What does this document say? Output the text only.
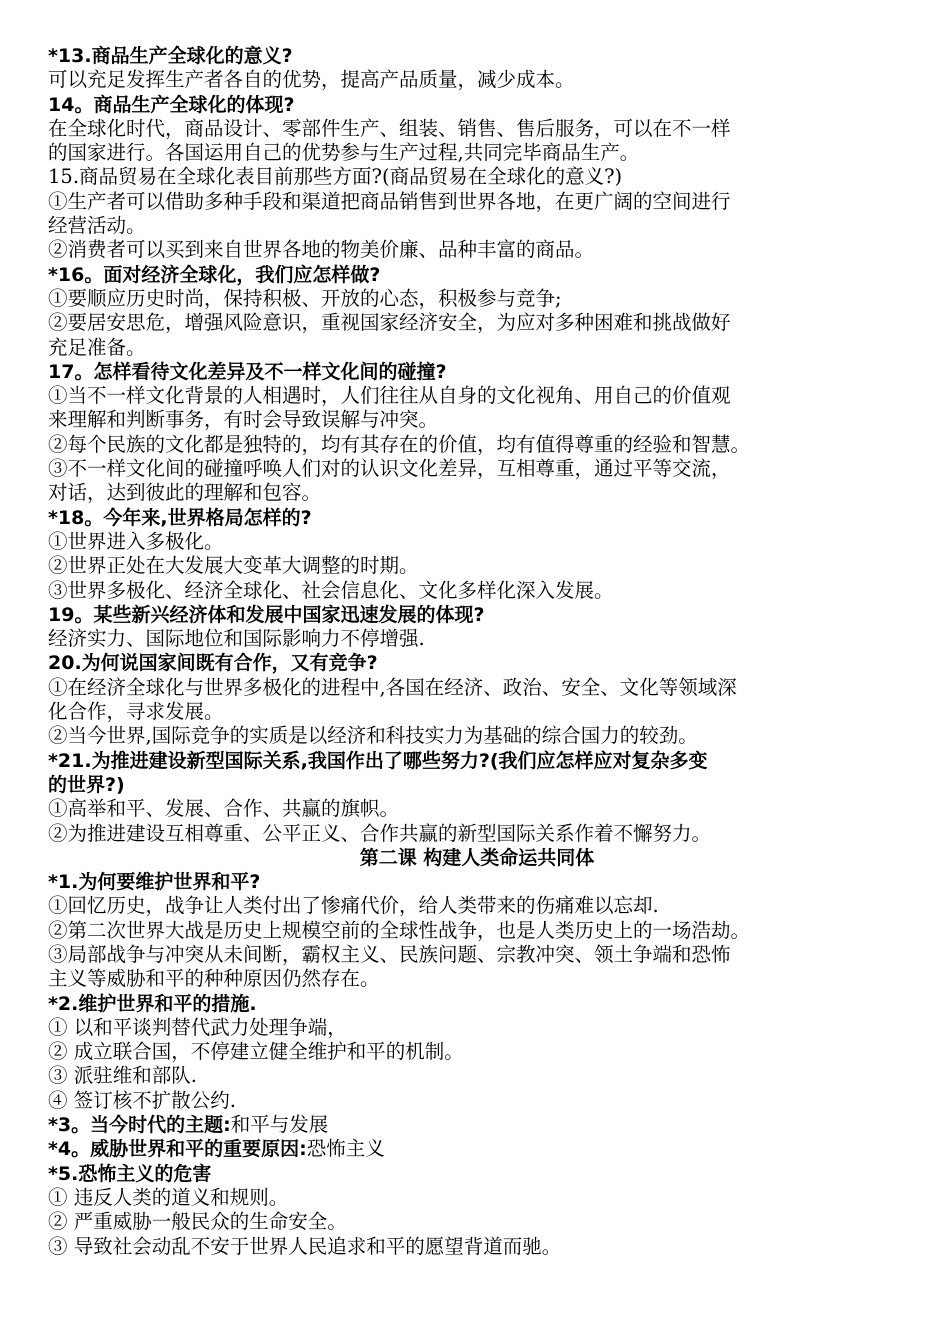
*13.商品生产全球化的意义?
可以充足发挥生产者各自的优势，提高产品质量，减少成本。
14。商品生产全球化的体现?
在全球化时代，商品设计、零部件生产、组装、销售、售后服务，可以在不一样
的国家进行。各国运用自己的优势参与生产过程,共同完毕商品生产。
15.商品贸易在全球化表目前那些方面?(商品贸易在全球化的意义?)
①生产者可以借助多种手段和渠道把商品销售到世界各地，在更广阔的空间进行
经营活动。
②消费者可以买到来自世界各地的物美价廉、品种丰富的商品。
*16。面对经济全球化，我们应怎样做?
①要顺应历史时尚，保持积极、开放的心态，积极参与竞争;
②要居安思危，增强风险意识，重视国家经济安全，为应对多种困难和挑战做好
充足准备。
17。怎样看待文化差异及不一样文化间的碰撞?
①当不一样文化背景的人相遇时，人们往往从自身的文化视角、用自己的价值观
来理解和判断事务，有时会导致误解与冲突。
②每个民族的文化都是独特的，均有其存在的价值，均有值得尊重的经验和智慧。
③不一样文化间的碰撞呼唤人们对的认识文化差异，互相尊重，通过平等交流，
对话，达到彼此的理解和包容。
*18。今年来,世界格局怎样的?
①世界进入多极化。
②世界正处在大发展大变革大调整的时期。
③世界多极化、经济全球化、社会信息化、文化多样化深入发展。
19。某些新兴经济体和发展中国家迅速发展的体现?
经济实力、国际地位和国际影响力不停增强.
20.为何说国家间既有合作，又有竞争?
①在经济全球化与世界多极化的进程中,各国在经济、政治、安全、文化等领域深
化合作，寻求发展。
②当今世界,国际竞争的实质是以经济和科技实力为基础的综合国力的较劲。
*21.为推进建设新型国际关系,我国作出了哪些努力?(我们应怎样应对复杂多变
的世界?)
①高举和平、发展、合作、共赢的旗帜。
②为推进建设互相尊重、公平正义、合作共赢的新型国际关系作着不懈努力。
第二课 构建人类命运共同体
*1.为何要维护世界和平?
①回忆历史，战争让人类付出了惨痛代价，给人类带来的伤痛难以忘却.
②第二次世界大战是历史上规模空前的全球性战争，也是人类历史上的一场浩劫。
③局部战争与冲突从未间断，霸权主义、民族问题、宗教冲突、领土争端和恐怖
主义等威胁和平的种种原因仍然存在。
*2.维护世界和平的措施.
① 以和平谈判替代武力处理争端，
② 成立联合国，不停建立健全维护和平的机制。
③ 派驻维和部队.
④ 签订核不扩散公约.
*3。当今时代的主题:和平与发展
*4。威胁世界和平的重要原因:恐怖主义
*5.恐怖主义的危害
① 违反人类的道义和规则。
② 严重威胁一般民众的生命安全。
③ 导致社会动乱不安于世界人民追求和平的愿望背道而驰。
